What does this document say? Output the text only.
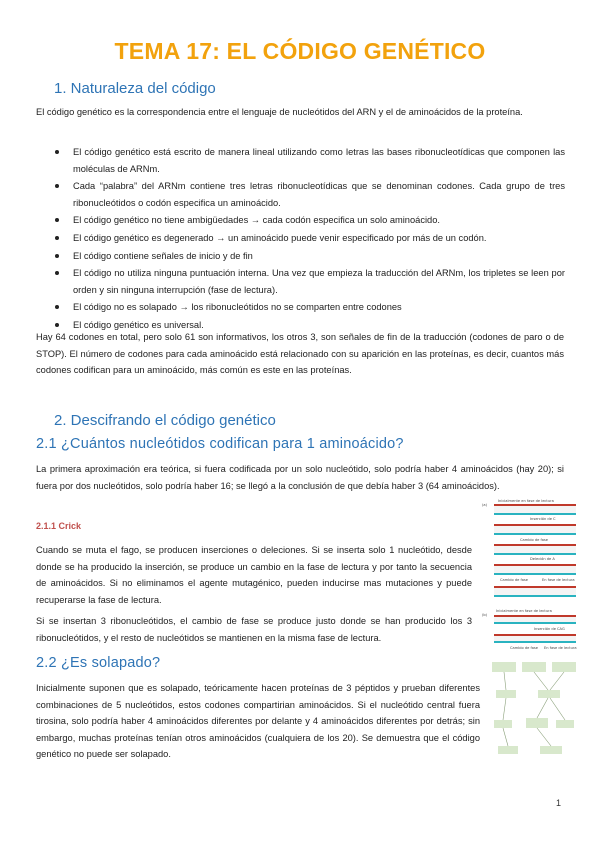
TEMA 17: EL CÓDIGO GENÉTICO
1. Naturaleza del código
El código genético es la correspondencia entre el lenguaje de nucleótidos del ARN y el de aminoácidos de la proteína.
El código genético está escrito de manera lineal utilizando como letras las bases ribonucleotídicas que componen las moléculas de ARNm.
Cada “palabra” del ARNm contiene tres letras ribonucleotídicas que se denominan codones. Cada grupo de tres ribonucleótidos o codón especifica un aminoácido.
El código genético no tiene ambigüedades → cada codón especifica un solo aminoácido.
El código genético es degenerado → un aminoácido puede venir especificado por más de un codón.
El código contiene señales de inicio y de fin
El código no utiliza ninguna puntuación interna. Una vez que empieza la traducción del ARNm, los tripletes se leen por orden y sin ninguna interrupción (fase de lectura).
El código no es solapado → los ribonucleótidos no se comparten entre codones
El código genético es universal.
Hay 64 codones en total, pero solo 61 son informativos, los otros 3, son señales de fin de la traducción (codones de paro o de STOP). El número de codones para cada aminoácido está relacionado con su aparición en las proteínas, es decir, cuantos más codones codifican para un aminoácido, más común es este en las proteínas.
2. Descifrando el código genético
2.1 ¿Cuántos nucleótidos codifican para 1 aminoácido?
La primera aproximación era teórica, si fuera codificada por un solo nucleótido, solo podría haber 4 aminoácidos (hay 20); si fuera por dos nucleótidos, solo podría haber 16; se llegó a la conclusión de que debía haber 3 (64 aminoácidos).
2.1.1 Crick
Cuando se muta el fago, se producen inserciones o deleciones. Si se inserta solo 1 nucleótido, desde donde se ha producido la inserción, se produce un cambio en la fase de lectura y por tanto la secuencia de aminoácidos. Si no eliminamos el agente mutagénico, pueden inducirse mas mutaciones y puede recuperarse la fase de lectura.
Si se insertan 3 ribonucleótidos, el cambio de fase se produce justo donde se han producido los 3 ribonucleótidos, y el resto de nucleótidos se mantienen en la misma fase de lectura.
2.2 ¿Es solapado?
Inicialmente suponen que es solapado, teóricamente hacen proteínas de 3 péptidos y prueban diferentes combinaciones de 5 nucleótidos, estos codones compartirian aminoácidos. Si el nucleótido central fuera tirosina, solo podría haber 4 aminoácidos diferentes por delante y 4 aminoácidos diferentes por detrás; sin embargo, muchas proteínas tenían otros aminoácidos (cualquiera de los 20). Se demuestra que el código genético no puede ser solapado.
(a)
(b)
Inicialmente en fase de lectura
Inserción de C
Cambio de fase
Deleción de A
Cambio de fase	En fase de lectura
Inicialmente en fase de lectura
Inserción de CAG
Cambio de fase En fase de lectura
1
